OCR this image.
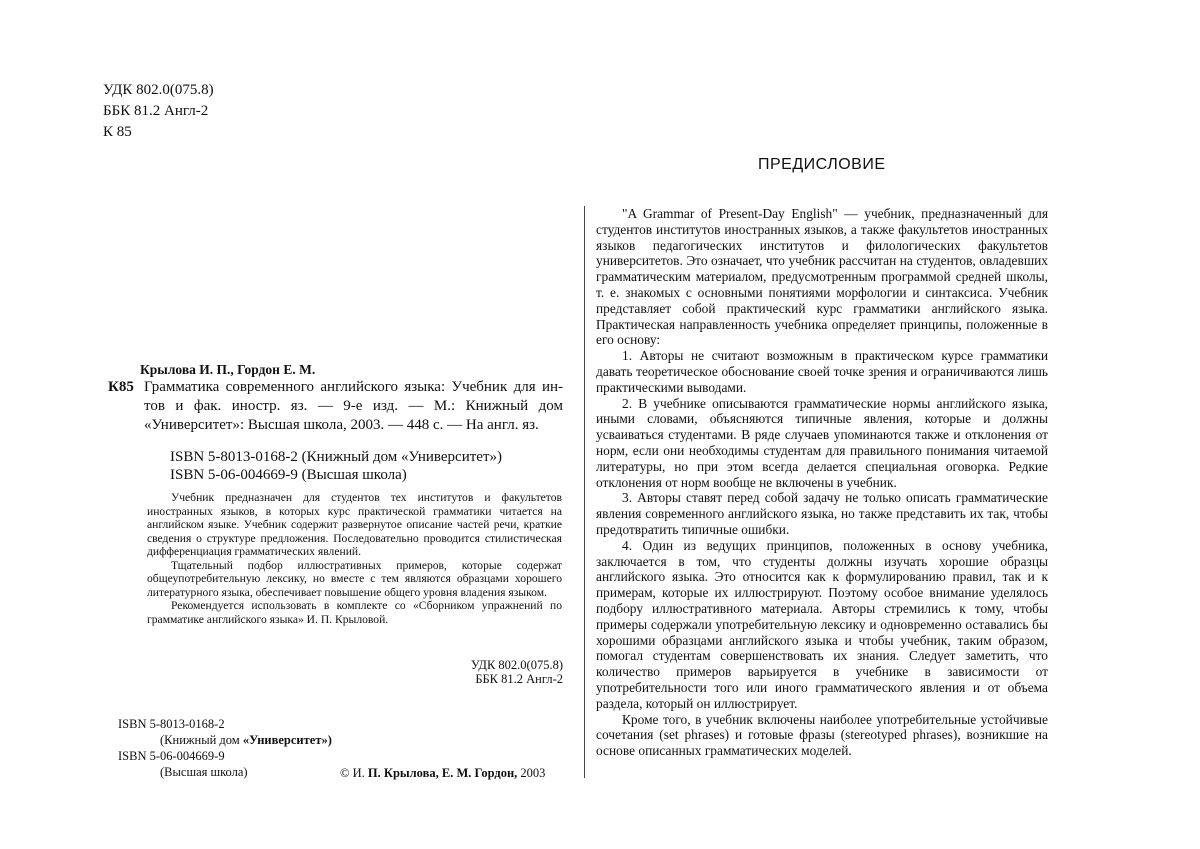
УДК 802.0(075.8)
ББК 81.2 Англ-2
К 85
Крылова И. П., Гордон Е. М.
К85 Грамматика современного английского языка: Учебник для ин-тов и фак. иностр. яз. — 9-е изд. — М.: Книжный дом «Университет»: Высшая школа, 2003. — 448 с. — На англ. яз.
ISBN 5-8013-0168-2 (Книжный дом «Университет»)
ISBN 5-06-004669-9 (Высшая школа)

Учебник предназначен для студентов тех институтов и факультетов иностранных языков, в которых курс практической грамматики читается на английском языке. Учебник содержит развернутое описание частей речи, краткие сведения о структуре предложения. Последовательно проводится стилистическая дифференциация грамматических явлений.

Тщательный подбор иллюстративных примеров, которые содержат общеупотребительную лексику, но вместе с тем являются образцами хорошего литературного языка, обеспечивает повышение общего уровня владения языком.

Рекомендуется использовать в комплекте со «Сборником упражнений по грамматике английского языка» И. П. Крыловой.

УДК 802.0(075.8)
ББК 81.2 Англ-2
ISBN 5-8013-0168-2
(Книжный дом «Университет»)
ISBN 5-06-004669-9
(Высшая школа)	© И. П. Крылова, Е. М. Гордон, 2003
ПРЕДИСЛОВИЕ

"A Grammar of Present-Day English" — учебник, предназначенный для студентов институтов иностранных языков, а также факультетов иностранных языков педагогических институтов и филологических факультетов университетов. Это означает, что учебник рассчитан на студентов, овладевших грамматическим материалом, предусмотренным программой средней школы, т. е. знакомых с основными понятиями морфологии и синтаксиса. Учебник представляет собой практический курс грамматики английского языка. Практическая направленность учебника определяет принципы, положенные в его основу:

1. Авторы не считают возможным в практическом курсе грамматики давать теоретическое обоснование своей точке зрения и ограничиваются лишь практическими выводами.

2. В учебнике описываются грамматические нормы английского языка, иными словами, объясняются типичные явления, которые и должны усваиваться студентами. В ряде случаев упоминаются также и отклонения от норм, если они необходимы студентам для правильного понимания читаемой литературы, но при этом всегда делается специальная оговорка. Редкие отклонения от норм вообще не включены в учебник.

3. Авторы ставят перед собой задачу не только описать грамматические явления современного английского языка, но также представить их так, чтобы предотвратить типичные ошибки.

4. Один из ведущих принципов, положенных в основу учебника, заключается в том, что студенты должны изучать хорошие образцы английского языка. Это относится как к формулированию правил, так и к примерам, которые их иллюстрируют. Поэтому особое внимание уделялось подбору иллюстративного материала. Авторы стремились к тому, чтобы примеры содержали употребительную лексику и одновременно оставались бы хорошими образцами английского языка и чтобы учебник, таким образом, помогал студентам совершенствовать их знания. Следует заметить, что количество примеров варьируется в учебнике в зависимости от употребительности того или иного грамматического явления и от объема раздела, который он иллюстрирует.

Кроме того, в учебник включены наиболее употребительные устойчивые сочетания (set phrases) и готовые фразы (stereotyped phrases), возникшие на основе описанных грамматических моделей.
